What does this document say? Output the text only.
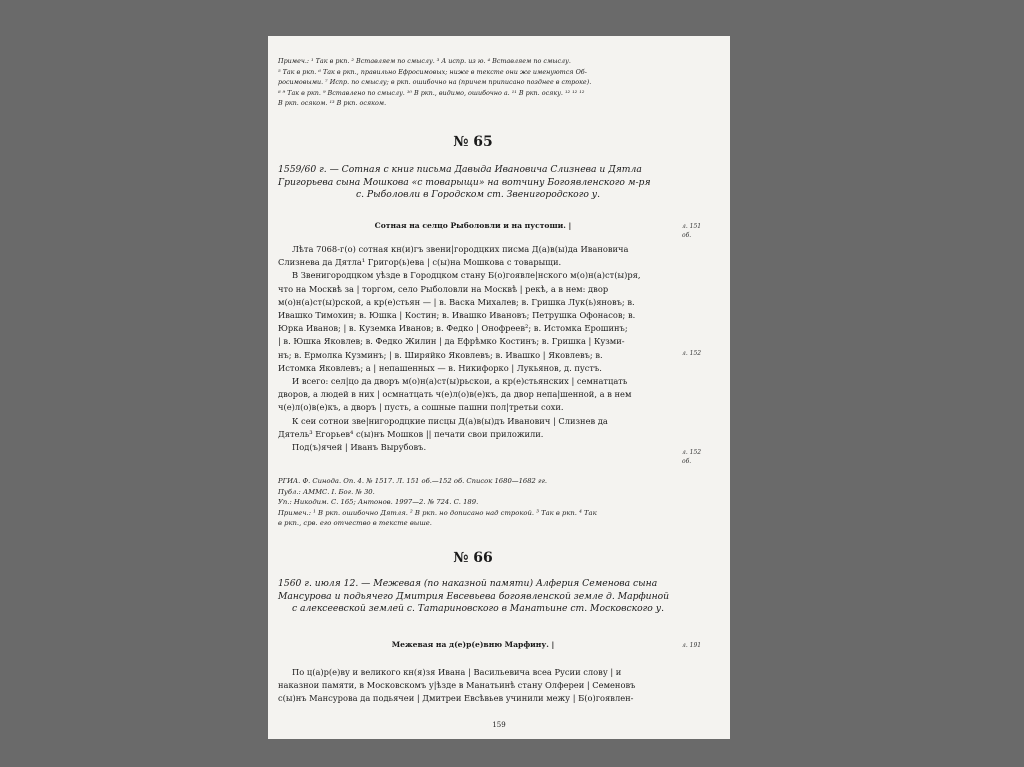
Примеч.: ¹ Так в ркп. ² Вставляем по смыслу. ³ А испр. из ю. ⁴ Вставляем по смыслу.
⁵ Так в ркп. ⁶ Так в ркп., правильно Ефросимовых; ниже в тексте они же именуются Об-
росимовыми. ⁷ Испр. по смыслу; в ркп. ошибочно на (причем приписано позднее в строке).
⁸ ⁹ Так в ркп. ⁹ Вставлено по смыслу. ¹⁰ В ркп., видимо, ошибочно а. ¹¹ В ркп. осяку. ¹² ¹² ¹²
В ркп. осяком. ¹³ В ркп. осяком.
№ 65
1559/60 г. — Сотная с книг письма Давыда Ивановича Слизнева и Дятла
Григорьева сына Мошкова «с товарыщи» на вотчину Богоявленского м-ря
с. Рыболовли в Городском ст. Звенигородского у.
Сотная на селцо Рыболовли и на пустоши. |

Лѣта 7068-г(о) сотная кн(и)гъ звени|городцких писма Д(а)в(ы)да Ивановича

Слизнева да Дятла¹ Григор(ь)ева | с(ы)на Мошкова с товарыщи.

В Звенигородцком уѣзде в Городцком стану Б(о)гоявле|нского м(о)н(а)ст(ы)ря,

что на Москвѣ за | торгом, село Рыболовли на Москвѣ | рекѣ, а в нем: двор

м(о)н(а)ст(ы)рской, а кр(е)стьян — | в. Васка Михалев; в. Гришка Лук(ь)яновъ; в.

Ивашко Тимохин; в. Юшка | Костин; в. Ивашко Ивановъ; Петрушка Офонасов; в.

Юрка Иванов; | в. Куземка Иванов; в. Федко | Онофреев²; в. Истомка Ерошинъ;

| в. Юшка Яковлев; в. Федко Жилин | да Ефрѣмко Костинъ; в. Гришка | Кузми-

нъ; в. Ермолка Кузминъ; | в. Ширяйко Яковлевъ; в. Ивашко | Яковлевъ; в.

Истомка Яковлевъ; а | непашенных — в. Никифорко | Лукьянов, д. пустъ.

И всего: сел|цо да дворъ м(о)н(а)ст(ы)рьскои, а кр(е)стьянских | семнатцать

дворов, а людей в них | осмнатцать ч(е)л(о)в(е)къ, да двор непа|шенной, а в нем

ч(е)л(о)в(е)къ, а дворъ | пусть, а сошные пашни пол|третьи сохи.

К сеи сотнои зве|нигородцкие писцы Д(а)в(ы)дъ Иванович | Слизнев да

Дятель³ Егорьев⁴ с(ы)нъ Мошков || печати свои приложили.

Под(ъ)ячей | Иванъ Вырубовъ.

РГИА. Ф. Синода. Оп. 4. № 1517. Л. 151 об.—152 об. Список 1680—1682 гг.
Публ.: АММС. I. Бог. № 30.
Уп.: Никодим. С. 165; Антонов. 1997—2. № 724. С. 189.
Примеч.: ¹ В ркп. ошибочно Дятля. ² В ркп. но дописано над строкой. ³ Так в ркп. ⁴ Так
в ркп., срв. его отчество в тексте выше.
№ 66
1560 г. июля 12. — Межевая (по наказной памяти) Алферия Семенова сына
Мансурова и подьячего Дмитрия Евсевьева богоявленской земле д. Марфиной
с алексеевской землей с. Татариновского в Манатьине ст. Московского у.
Межевая на д(е)р(е)вню Марфину. |

По ц(а)р(е)ву и великого кн(я)зя Ивана | Васильевича всеа Русии слову | и

наказнои памяти, в Московскомъ у|ѣзде в Манатьинѣ стану Олфереи | Семеновъ

с(ы)нъ Мансурова да подьячеи | Дмитреи Евсѣвьев учинили межу | Б(о)гоявлен-

л. 151
об.
л. 152
л. 152
об.
л. 191
159
